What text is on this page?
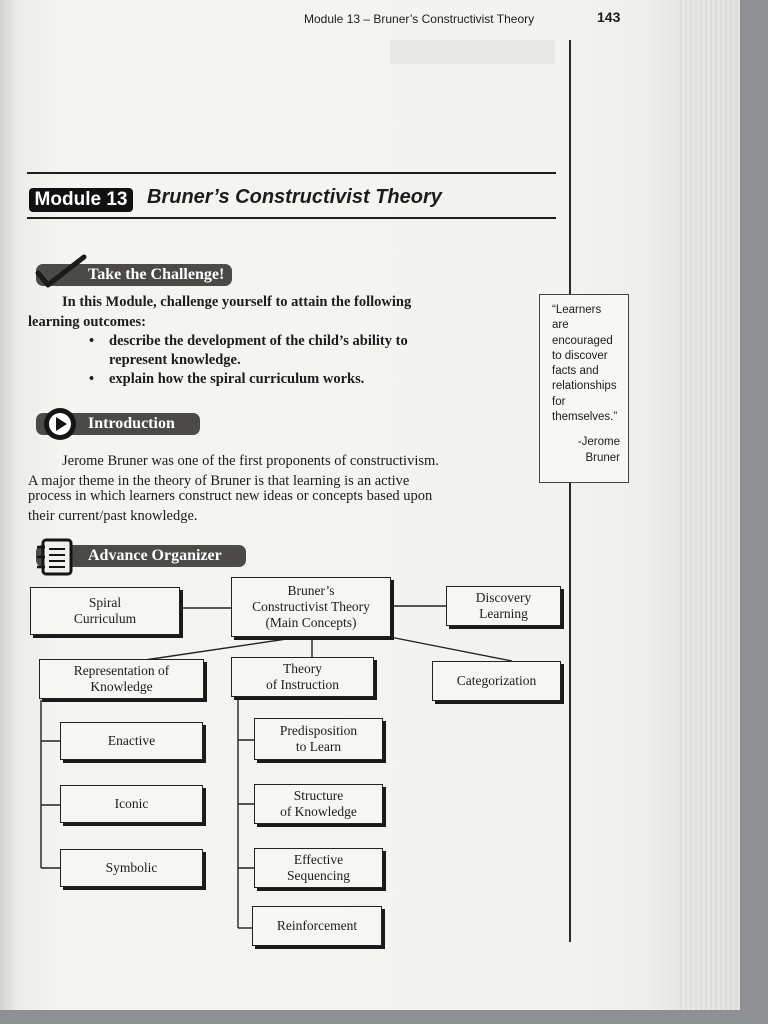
Module 13 – Bruner’s Constructivist Theory	143
Module 13 Bruner’s Constructivist Theory
Take the Challenge!
In this Module, challenge yourself to attain the following
learning outcomes:
• describe the development of the child’s ability to
represent knowledge.
• explain how the spiral curriculum works.
Introduction
Jerome Bruner was one of the first proponents of constructivism.
A major theme in the theory of Bruner is that learning is an active
process in which learners construct new ideas or concepts based upon
their current/past knowledge.
“Learners
are
encouraged
to discover
facts and
relationships
for
themselves.”
-Jerome
Bruner
Advance Organizer
Spiral
Curriculum
Bruner’s
Constructivist Theory
(Main Concepts)
Discovery
Learning
Representation of
Knowledge
Theory
of Instruction	Categorization
Enactive
Iconic
Symbolic
Predisposition
to Learn
Structure
of Knowledge
Effective
Sequencing
Reinforcement
